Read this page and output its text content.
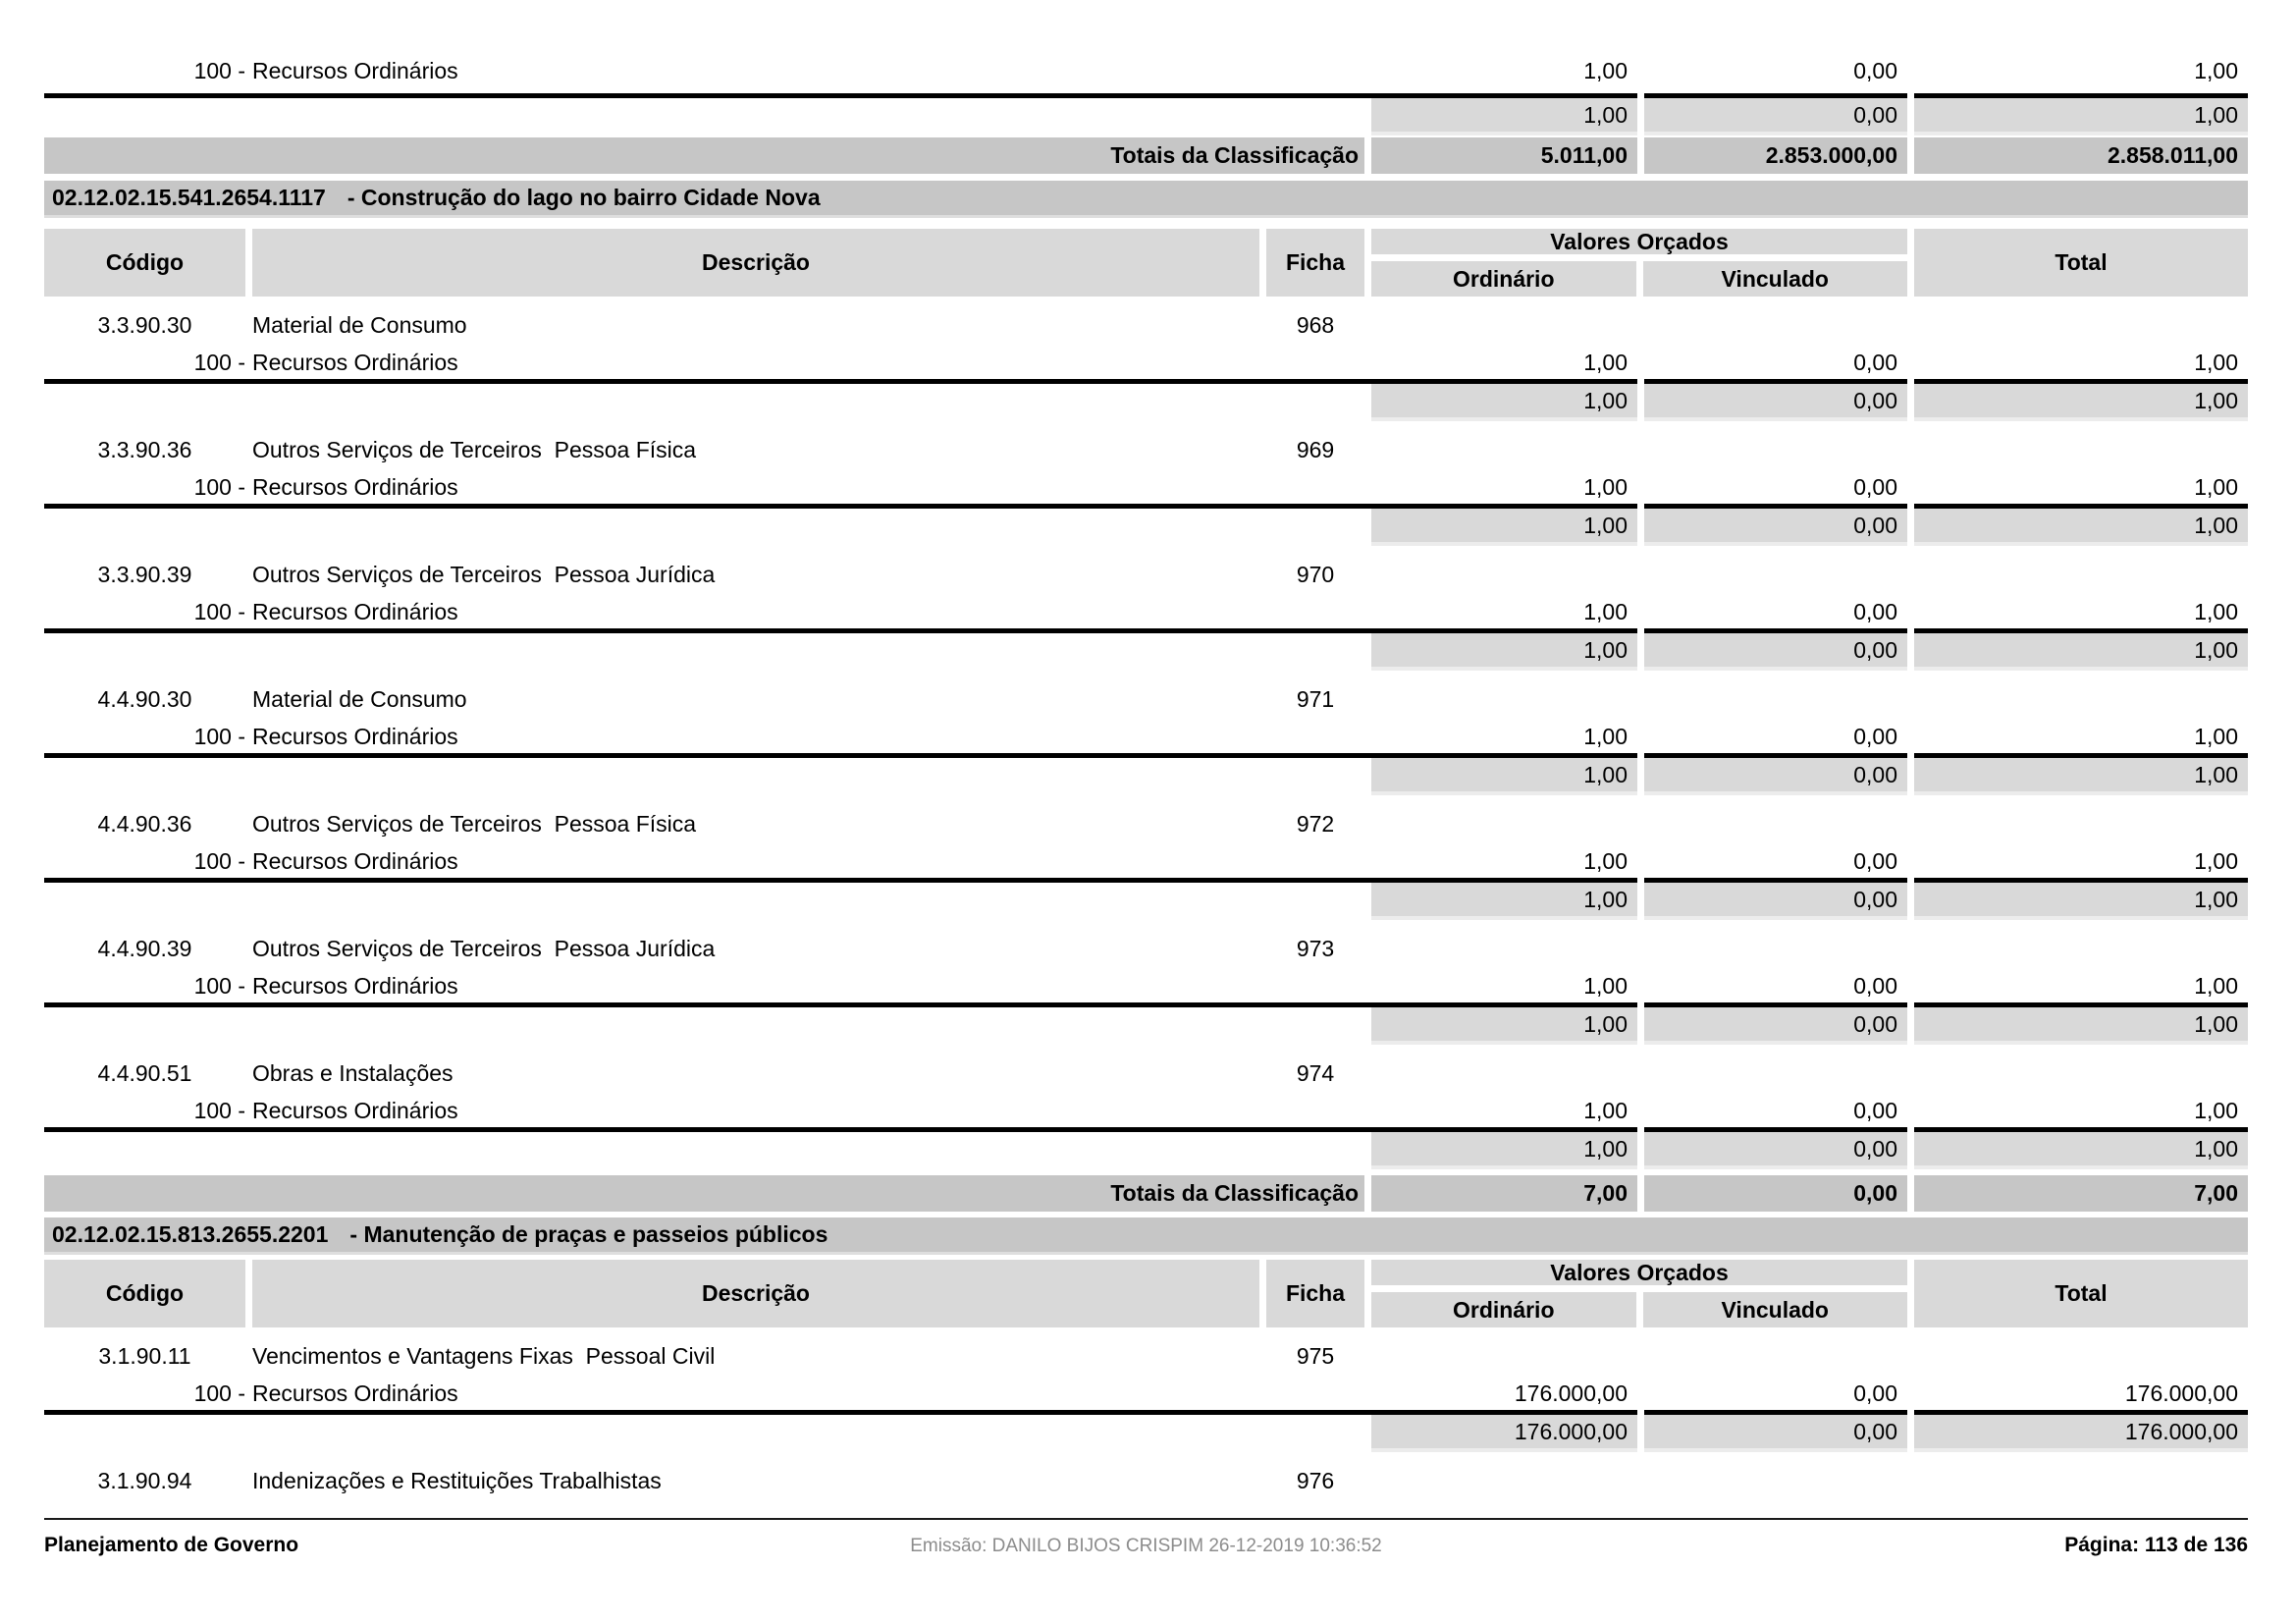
100 - Recursos Ordinários	1,00	0,00	1,00
1,00	0,00	1,00
Totais da Classificação	5.011,00	2.853.000,00	2.858.011,00
02.12.02.15.541.2654.1117 - Construção do lago no bairro Cidade Nova
Código	Descrição	Ficha
Valores Orçados
Ordinário	Vinculado
Total
3.3.90.30	Material de Consumo	968
100 - Recursos Ordinários	1,00	0,00	1,00
1,00	0,00	1,00
3.3.90.36	Outros Serviços de Terceiros  Pessoa Física	969
100 - Recursos Ordinários	1,00	0,00	1,00
1,00	0,00	1,00
3.3.90.39	Outros Serviços de Terceiros  Pessoa Jurídica	970
100 - Recursos Ordinários	1,00	0,00	1,00
1,00	0,00	1,00
4.4.90.30	Material de Consumo	971
100 - Recursos Ordinários	1,00	0,00	1,00
1,00	0,00	1,00
4.4.90.36	Outros Serviços de Terceiros  Pessoa Física	972
100 - Recursos Ordinários	1,00	0,00	1,00
1,00	0,00	1,00
4.4.90.39	Outros Serviços de Terceiros  Pessoa Jurídica	973
100 - Recursos Ordinários	1,00	0,00	1,00
1,00	0,00	1,00
4.4.90.51	Obras e Instalações	974
100 - Recursos Ordinários	1,00	0,00	1,00
1,00	0,00	1,00
Totais da Classificação	7,00	0,00	7,00
02.12.02.15.813.2655.2201 - Manutenção de praças e passeios públicos
Código	Descrição	Ficha
Valores Orçados
Ordinário	Vinculado
Total
3.1.90.11	Vencimentos e Vantagens Fixas  Pessoal Civil	975
100 - Recursos Ordinários	176.000,00	0,00	176.000,00
176.000,00	0,00	176.000,00
3.1.90.94	Indenizações e Restituições Trabalhistas	976
Planejamento de Governo	Emissão: DANILO BIJOS CRISPIM 26-12-2019 10:36:52	Página: 113 de 136
